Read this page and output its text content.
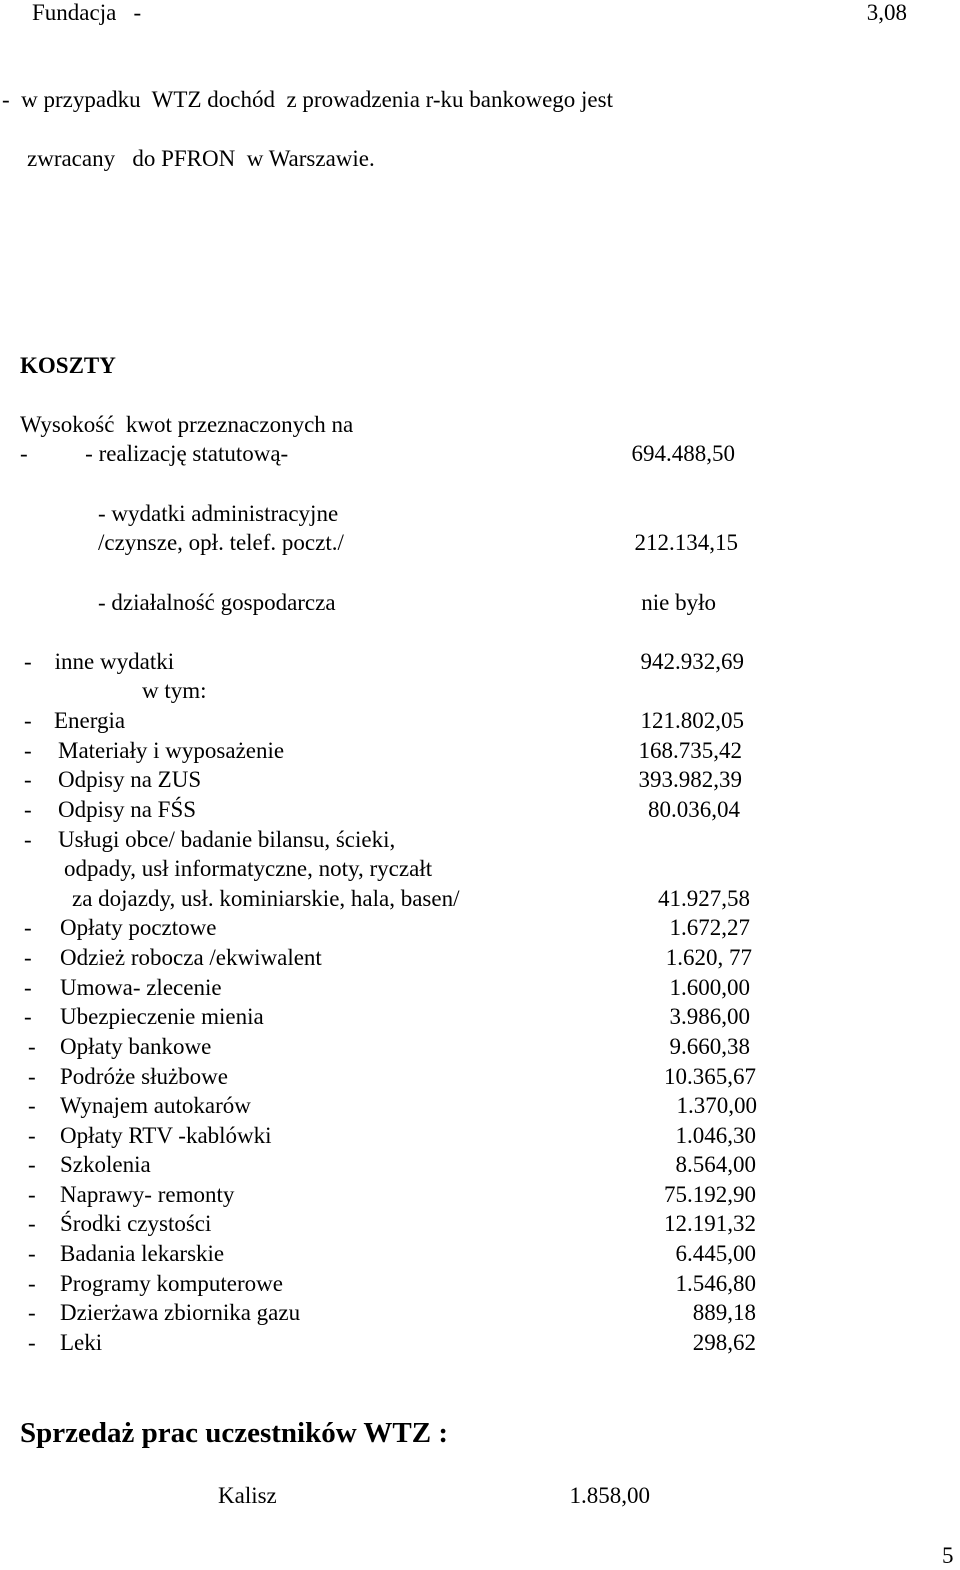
Fundacja   -	3,08
-  w przypadku  WTZ dochód  z prowadzenia r-ku bankowego jest
zwracany   do PFRON  w Warszawie.
KOSZTY
Wysokość  kwot przeznaczonych na
-          - realizację statutową-	694.488,50
- wydatki administracyjne
/czynsze, opł. telef. poczt./	212.134,15
- działalność gospodarcza	nie było
-    inne wydatki	942.932,69
w tym:
- Energia	121.802,05
- Materiały i wyposażenie	168.735,42
- Odpisy na ZUS	393.982,39
- Odpisy na FŚS	80.036,04
- Usługi obce/ badanie bilansu, ścieki,
odpady, usł informatyczne, noty, ryczałt
za dojazdy, usł. kominiarskie, hala, basen/	41.927,58
- Opłaty pocztowe	1.672,27
- Odzież robocza /ekwiwalent	1.620, 77
- Umowa- zlecenie	1.600,00
- Ubezpieczenie mienia	3.986,00
- Opłaty bankowe	9.660,38
- Podróże służbowe	10.365,67
- Wynajem autokarów	1.370,00
- Opłaty RTV -kablówki	1.046,30
- Szkolenia	8.564,00
- Naprawy- remonty	75.192,90
- Środki czystości	12.191,32
- Badania lekarskie	6.445,00
- Programy komputerowe	1.546,80
- Dzierżawa zbiornika gazu	889,18
- Leki	298,62
Sprzedaż prac uczestników WTZ :
Kalisz	1.858,00
5
